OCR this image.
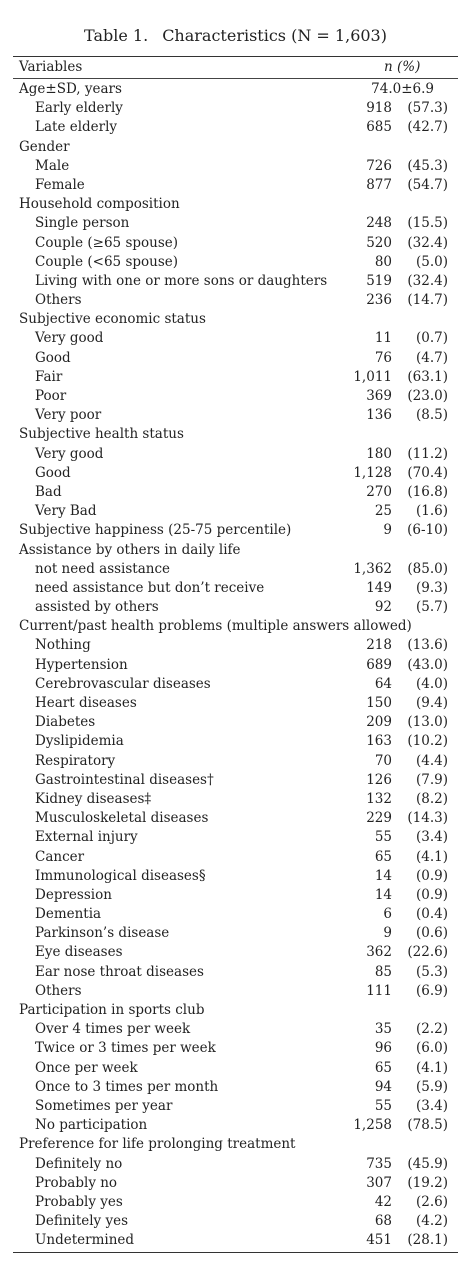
Table 1. Characteristics (N = 1,603)
Variables	n (%)
Age±SD, years	74.0±6.9
Early elderly	918 (57.3)
Late elderly	685 (42.7)
Gender
Male	726 (45.3)
Female	877 (54.7)
Household composition
Single person	248 (15.5)
Couple (≥65 spouse)	520 (32.4)
Couple (<65 spouse)	80 (5.0)
Living with one or more sons or daughters	519 (32.4)
Others	236 (14.7)
Subjective economic status
Very good	11 (0.7)
Good	76 (4.7)
Fair	1,011 (63.1)
Poor	369 (23.0)
Very poor	136 (8.5)
Subjective health status
Very good	180 (11.2)
Good	1,128 (70.4)
Bad	270 (16.8)
Very Bad	25 (1.6)
Subjective happiness (25-75 percentile)	9 (6-10)
Assistance by others in daily life
not need assistance	1,362 (85.0)
need assistance but don’t receive	149 (9.3)
assisted by others	92 (5.7)
Current/past health problems (multiple answers allowed)
Nothing	218 (13.6)
Hypertension	689 (43.0)
Cerebrovascular diseases	64 (4.0)
Heart diseases	150 (9.4)
Diabetes	209 (13.0)
Dyslipidemia	163 (10.2)
Respiratory	70 (4.4)
Gastrointestinal diseases†	126 (7.9)
Kidney diseases‡	132 (8.2)
Musculoskeletal diseases	229 (14.3)
External injury	55 (3.4)
Cancer	65 (4.1)
Immunological diseases§	14 (0.9)
Depression	14 (0.9)
Dementia	6 (0.4)
Parkinson’s disease	9 (0.6)
Eye diseases	362 (22.6)
Ear nose throat diseases	85 (5.3)
Others	111 (6.9)
Participation in sports club
Over 4 times per week	35 (2.2)
Twice or 3 times per week	96 (6.0)
Once per week	65 (4.1)
Once to 3 times per month	94 (5.9)
Sometimes per year	55 (3.4)
No participation	1,258 (78.5)
Preference for life prolonging treatment
Definitely no	735 (45.9)
Probably no	307 (19.2)
Probably yes	42 (2.6)
Definitely yes	68 (4.2)
Undetermined	451 (28.1)
